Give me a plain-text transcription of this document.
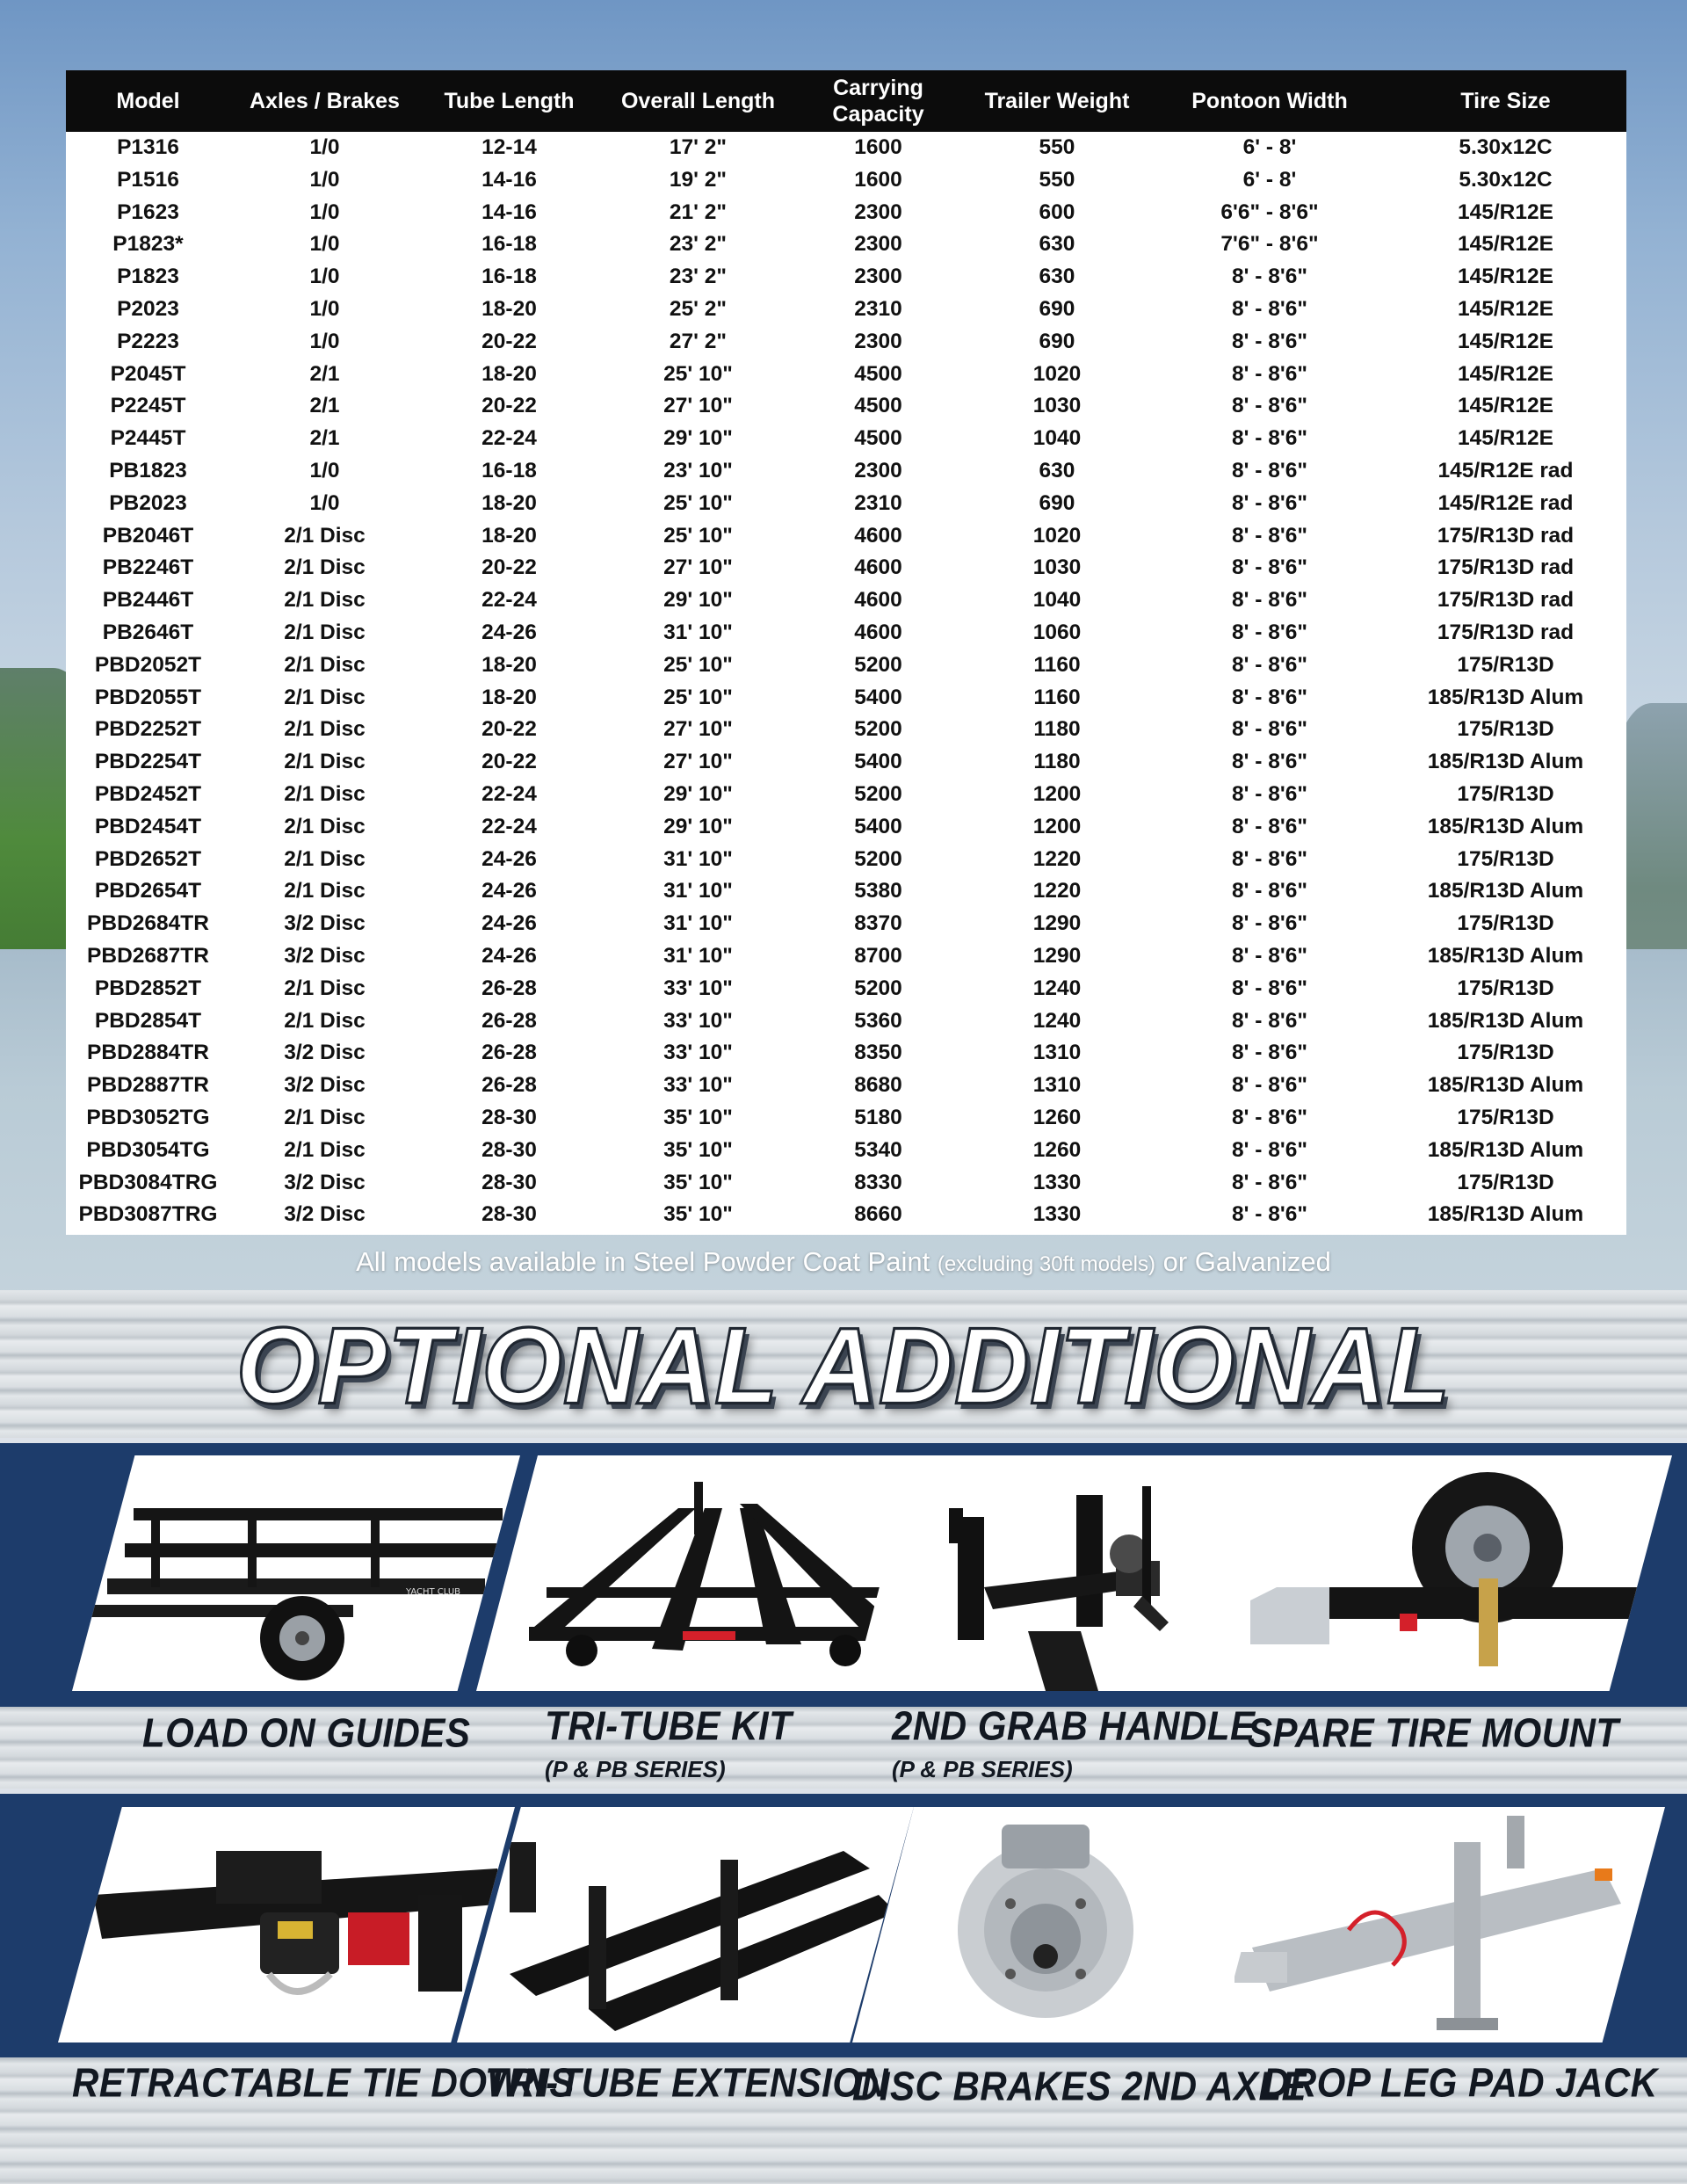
Model	Axles / Brakes	Tube Length	Overall Length	Carrying Capacity	Trailer Weight	Pontoon Width	Tire Size
P1316	1/0	12-14	17' 2"	1600	550	6' - 8'	5.30x12C
P1516	1/0	14-16	19' 2"	1600	550	6' - 8'	5.30x12C
P1623	1/0	14-16	21' 2"	2300	600	6'6" - 8'6"	145/R12E
P1823*	1/0	16-18	23' 2"	2300	630	7'6" - 8'6"	145/R12E
P1823	1/0	16-18	23' 2"	2300	630	8' - 8'6"	145/R12E
P2023	1/0	18-20	25' 2"	2310	690	8' - 8'6"	145/R12E
P2223	1/0	20-22	27' 2"	2300	690	8' - 8'6"	145/R12E
P2045T	2/1	18-20	25' 10"	4500	1020	8' - 8'6"	145/R12E
P2245T	2/1	20-22	27' 10"	4500	1030	8' - 8'6"	145/R12E
P2445T	2/1	22-24	29' 10"	4500	1040	8' - 8'6"	145/R12E
PB1823	1/0	16-18	23' 10"	2300	630	8' - 8'6"	145/R12E rad
PB2023	1/0	18-20	25' 10"	2310	690	8' - 8'6"	145/R12E rad
PB2046T	2/1 Disc	18-20	25' 10"	4600	1020	8' - 8'6"	175/R13D rad
PB2246T	2/1 Disc	20-22	27' 10"	4600	1030	8' - 8'6"	175/R13D rad
PB2446T	2/1 Disc	22-24	29' 10"	4600	1040	8' - 8'6"	175/R13D rad
PB2646T	2/1 Disc	24-26	31' 10"	4600	1060	8' - 8'6"	175/R13D rad
PBD2052T	2/1 Disc	18-20	25' 10"	5200	1160	8' - 8'6"	175/R13D
PBD2055T	2/1 Disc	18-20	25' 10"	5400	1160	8' - 8'6"	185/R13D Alum
PBD2252T	2/1 Disc	20-22	27' 10"	5200	1180	8' - 8'6"	175/R13D
PBD2254T	2/1 Disc	20-22	27' 10"	5400	1180	8' - 8'6"	185/R13D Alum
PBD2452T	2/1 Disc	22-24	29' 10"	5200	1200	8' - 8'6"	175/R13D
PBD2454T	2/1 Disc	22-24	29' 10"	5400	1200	8' - 8'6"	185/R13D Alum
PBD2652T	2/1 Disc	24-26	31' 10"	5200	1220	8' - 8'6"	175/R13D
PBD2654T	2/1 Disc	24-26	31' 10"	5380	1220	8' - 8'6"	185/R13D Alum
PBD2684TR	3/2 Disc	24-26	31' 10"	8370	1290	8' - 8'6"	175/R13D
PBD2687TR	3/2 Disc	24-26	31' 10"	8700	1290	8' - 8'6"	185/R13D Alum
PBD2852T	2/1 Disc	26-28	33' 10"	5200	1240	8' - 8'6"	175/R13D
PBD2854T	2/1 Disc	26-28	33' 10"	5360	1240	8' - 8'6"	185/R13D Alum
PBD2884TR	3/2 Disc	26-28	33' 10"	8350	1310	8' - 8'6"	175/R13D
PBD2887TR	3/2 Disc	26-28	33' 10"	8680	1310	8' - 8'6"	185/R13D Alum
PBD3052TG	2/1 Disc	28-30	35' 10"	5180	1260	8' - 8'6"	175/R13D
PBD3054TG	2/1 Disc	28-30	35' 10"	5340	1260	8' - 8'6"	185/R13D Alum
PBD3084TRG	3/2 Disc	28-30	35' 10"	8330	1330	8' - 8'6"	175/R13D
PBD3087TRG	3/2 Disc	28-30	35' 10"	8660	1330	8' - 8'6"	185/R13D Alum
All models available in Steel Powder Coat Paint (excluding 30ft models) or Galvanized
OPTIONAL ADDITIONAL
YACHT CLUB
LOAD ON GUIDES TRI-TUBE KIT
(P & PB SERIES)
2ND GRAB HANDLE
(P & PB SERIES)
SPARE TIRE MOUNT
RETRACTABLE TIE DOWNS
TRI-TUBE EXTENSION
DISC BRAKES 2ND AXLE
DROP LEG PAD JACK
